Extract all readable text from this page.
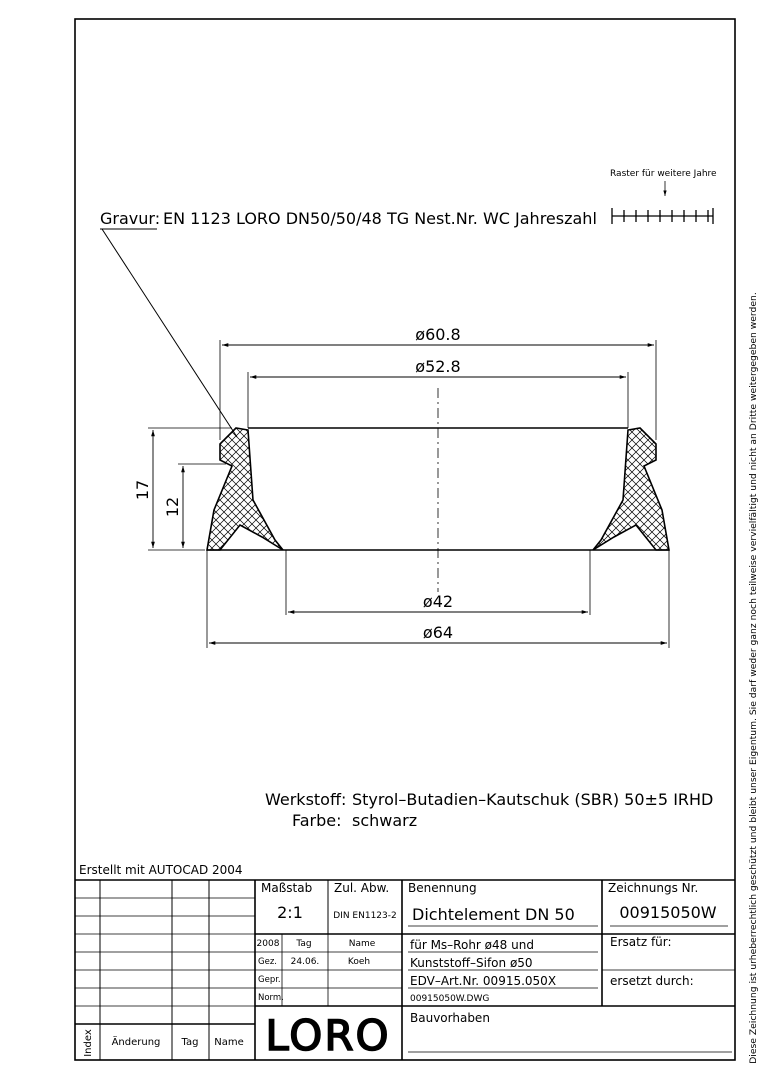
Raster für weitere Jahre
Gravur: EN 1123 LORO DN50/50/48 TG Nest.Nr. WC Jahreszahl
ø60.8
ø52.8
ø42
ø64
17
12
Werkstoff: Styrol–Butadien–Kautschuk (SBR) 50±5 IRHD
Farbe: schwarz	Diese Zeichnung ist urheberrechtlich geschützt und bleibt unser Eigentum. Sie darf weder ganz noch teilweise vervielfältigt und nicht an Dritte weitergegeben werden.
Erstellt mit AUTOCAD 2004
Index Änderung Tag Name
Maßstab
2:1
Zul. Abw.
DIN EN1123-2
Benennung
Dichtelement DN 50
Zeichnungs Nr.
00915050W
2008 Tag	Name
Gez. 24.06.	Koeh
Gepr.
Norm.
für Ms–Rohr ø48 und
Kunststoff–Sifon ø50
EDV–Art.Nr. 00915.050X
00915050W.DWG
Ersatz für:
ersetzt durch:
LORO Bauvorhaben
